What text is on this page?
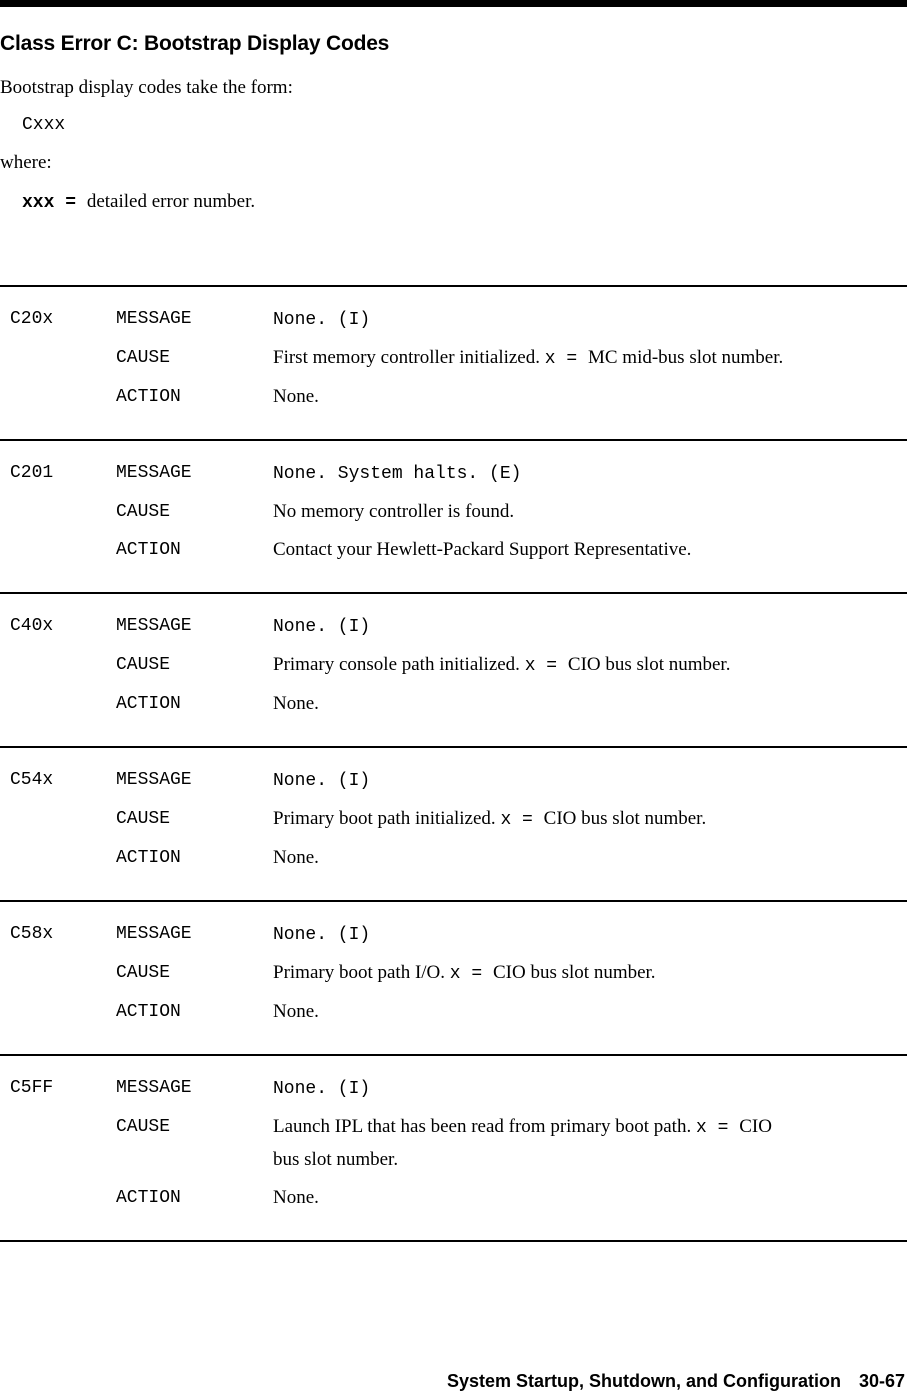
Class Error C: Bootstrap Display Codes

Bootstrap display codes take the form:

Cxxx

where:

xxx = detailed error number.

C20x	MESSAGE	None. (I)
CAUSE	First memory controller initialized. x = MC mid-bus slot number.
ACTION	None.
C201	MESSAGE	None. System halts. (E)
CAUSE	No memory controller is found.
ACTION	Contact your Hewlett-Packard Support Representative.
C40x	MESSAGE	None. (I)
CAUSE	Primary console path initialized. x = CIO bus slot number.
ACTION	None.
C54x	MESSAGE	None. (I)
CAUSE	Primary boot path initialized. x = CIO bus slot number.
ACTION	None.
C58x	MESSAGE	None. (I)
CAUSE	Primary boot path I/O. x = CIO bus slot number.
ACTION	None.
C5FF	MESSAGE	None. (I)
CAUSE	Launch IPL that has been read from primary boot path. x = CIO
bus slot number.
ACTION	None.
System Startup, Shutdown, and Configuration 30-67
